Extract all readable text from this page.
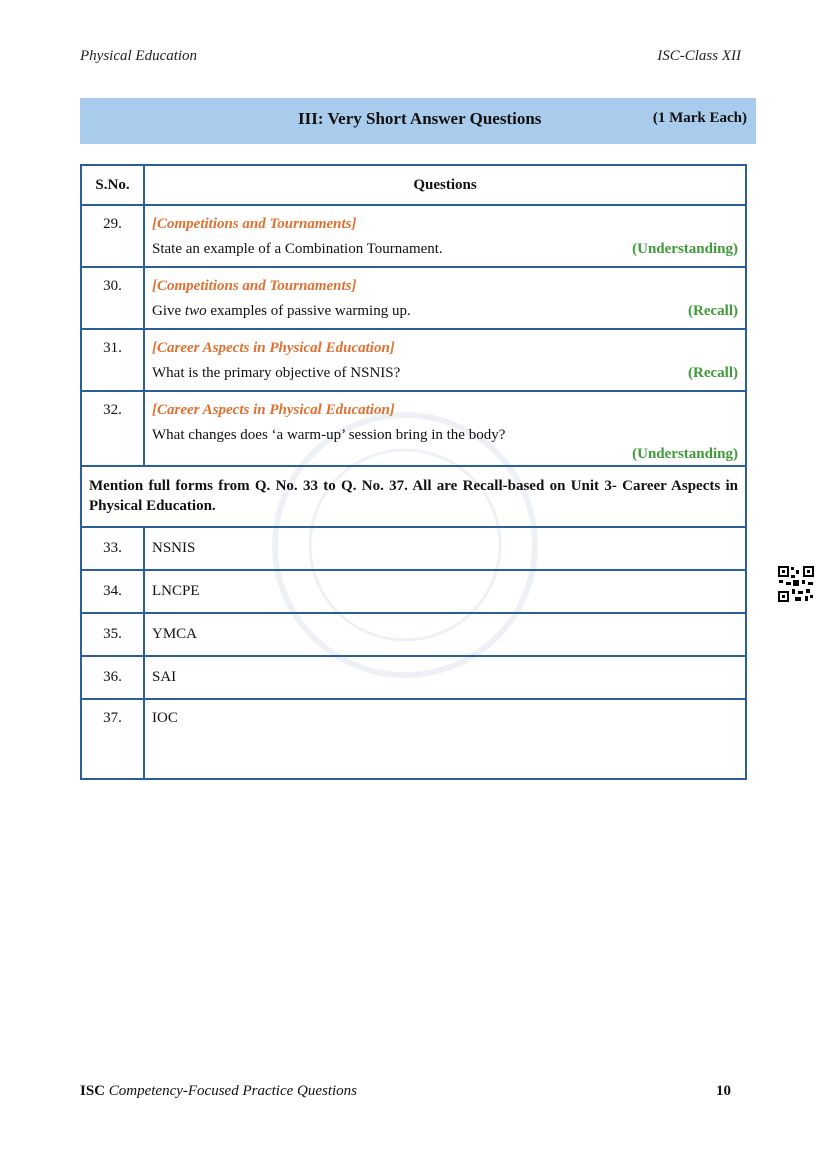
Physical Education	ISC-Class XII
III: Very Short Answer Questions	(1 Mark Each)
S.No.	Questions
29.	[Competitions and Tournaments]
State an example of a Combination Tournament. (Understanding)

30.	[Competitions and Tournaments]
Give two examples of passive warming up. (Recall)

31.	[Career Aspects in Physical Education]
What is the primary objective of NSNIS? (Recall)

32.	[Career Aspects in Physical Education]
What changes does ‘a warm-up’ session bring in the body?
(Understanding)

Mention full forms from Q. No. 33 to Q. No. 37. All are Recall-based on Unit 3- Career Aspects in Physical Education.	
33.	NSNIS
34.	LNCPE
35.	YMCA
36.	SAI
37.	IOC
ISC Competency-Focused Practice Questions	10
